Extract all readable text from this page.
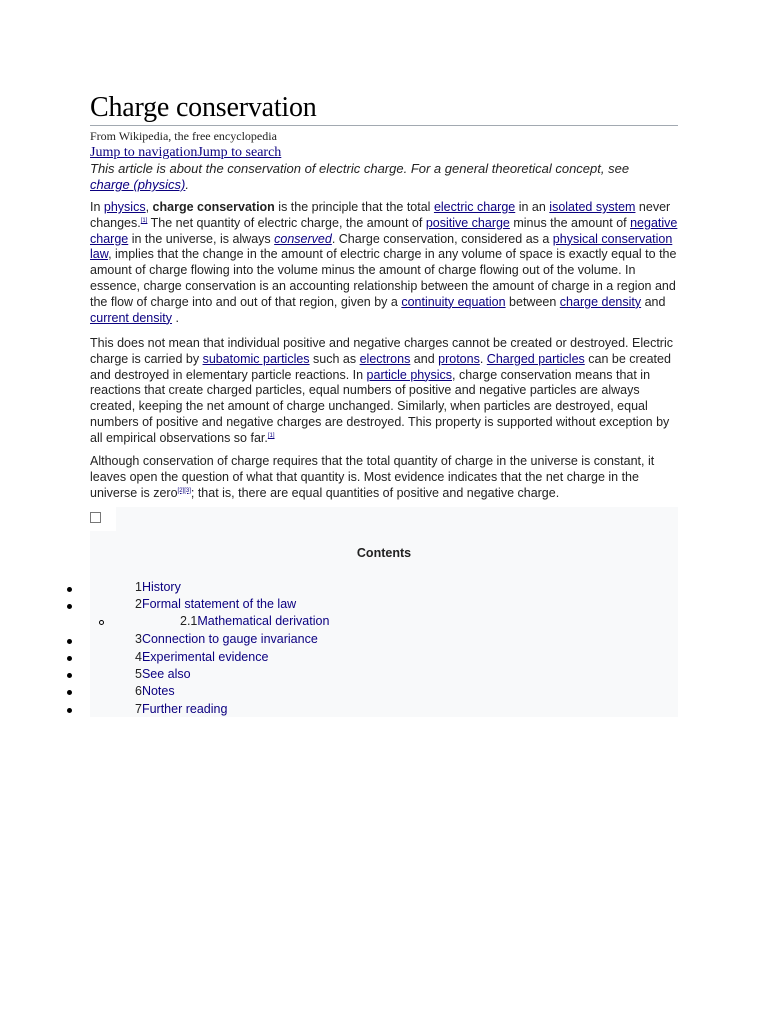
Charge conservation
From Wikipedia, the free encyclopedia
Jump to navigationJump to search
This article is about the conservation of electric charge. For a general theoretical concept, see charge (physics).
In physics, charge conservation is the principle that the total electric charge in an isolated system never changes.[1] The net quantity of electric charge, the amount of positive charge minus the amount of negative charge in the universe, is always conserved. Charge conservation, considered as a physical conservation law, implies that the change in the amount of electric charge in any volume of space is exactly equal to the amount of charge flowing into the volume minus the amount of charge flowing out of the volume. In essence, charge conservation is an accounting relationship between the amount of charge in a region and the flow of charge into and out of that region, given by a continuity equation between charge density and current density .
This does not mean that individual positive and negative charges cannot be created or destroyed. Electric charge is carried by subatomic particles such as electrons and protons. Charged particles can be created and destroyed in elementary particle reactions. In particle physics, charge conservation means that in reactions that create charged particles, equal numbers of positive and negative particles are always created, keeping the net amount of charge unchanged. Similarly, when particles are destroyed, equal numbers of positive and negative charges are destroyed. This property is supported without exception by all empirical observations so far.[1]
Although conservation of charge requires that the total quantity of charge in the universe is constant, it leaves open the question of what that quantity is. Most evidence indicates that the net charge in the universe is zero[2][3]; that is, there are equal quantities of positive and negative charge.
Contents
1History
2Formal statement of the law
2.1Mathematical derivation
3Connection to gauge invariance
4Experimental evidence
5See also
6Notes
7Further reading
